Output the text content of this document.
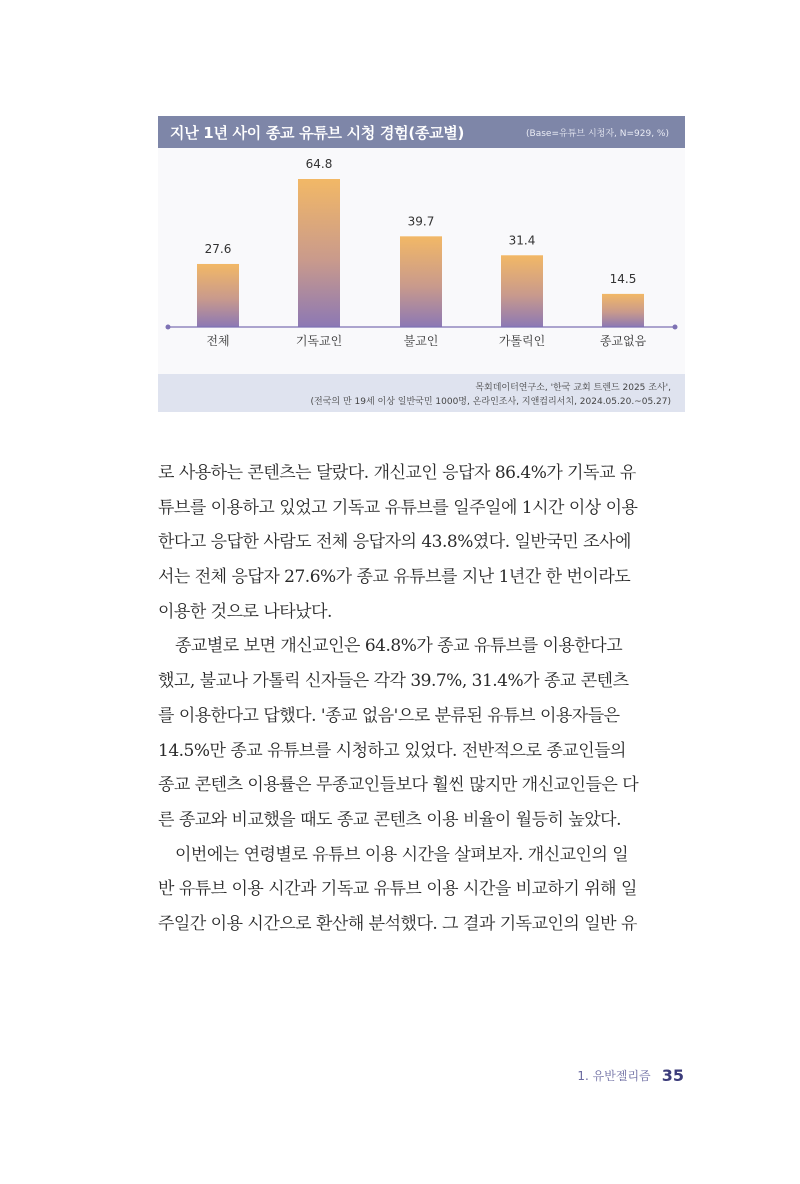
지난 1년 사이 종교 유튜브 시청 경험(종교별)	(Base=유튜브 시청자, N=929, %)
27.6
전체
64.8
기독교인
39.7
불교인
31.4
가톨릭인
14.5
종교없음
목회데이터연구소, '한국 교회 트렌드 2025 조사',
(전국의 만 19세 이상 일반국민 1000명, 온라인조사, 지앤컴리서치, 2024.05.20.~05.27)
로 사용하는 콘텐츠는 달랐다. 개신교인 응답자 86.4%가 기독교 유
튜브를 이용하고 있었고 기독교 유튜브를 일주일에 1시간 이상 이용
한다고 응답한 사람도 전체 응답자의 43.8%였다. 일반국민 조사에
서는 전체 응답자 27.6%가 종교 유튜브를 지난 1년간 한 번이라도
이용한 것으로 나타났다.
종교별로 보면 개신교인은 64.8%가 종교 유튜브를 이용한다고
했고, 불교나 가톨릭 신자들은 각각 39.7%, 31.4%가 종교 콘텐츠
를 이용한다고 답했다. '종교 없음'으로 분류된 유튜브 이용자들은
14.5%만 종교 유튜브를 시청하고 있었다. 전반적으로 종교인들의
종교 콘텐츠 이용률은 무종교인들보다 훨씬 많지만 개신교인들은 다
른 종교와 비교했을 때도 종교 콘텐츠 이용 비율이 월등히 높았다.
이번에는 연령별로 유튜브 이용 시간을 살펴보자. 개신교인의 일
반 유튜브 이용 시간과 기독교 유튜브 이용 시간을 비교하기 위해 일
주일간 이용 시간으로 환산해 분석했다. 그 결과 기독교인의 일반 유
1. 유반젤리즘 35
